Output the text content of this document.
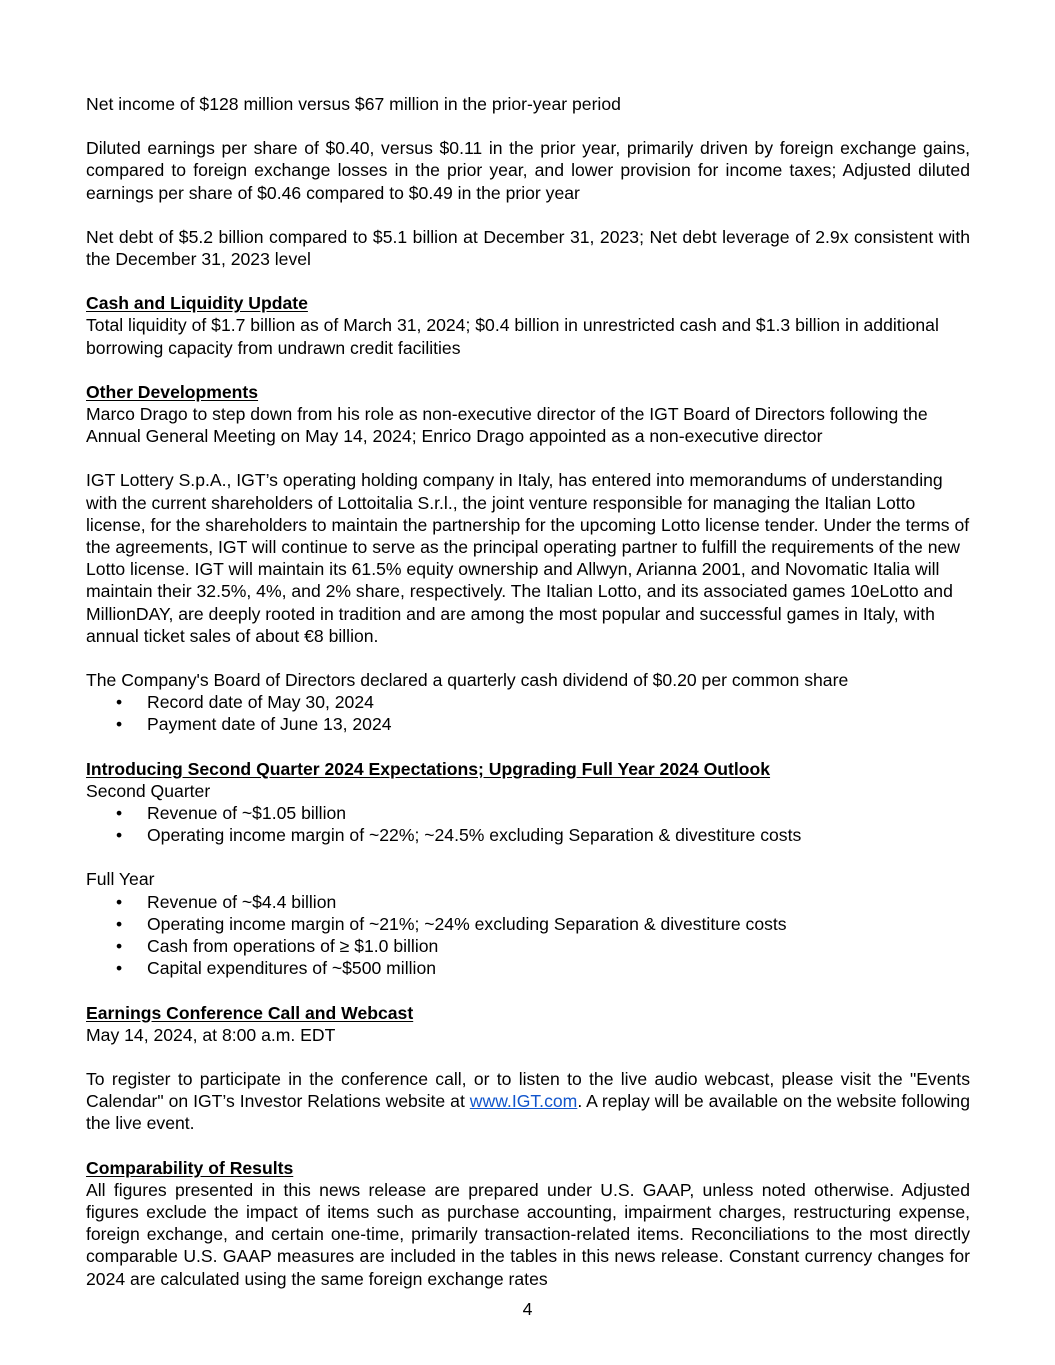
Net income of $128 million versus $67 million in the prior-year period

Diluted earnings per share of $0.40, versus $0.11 in the prior year, primarily driven by foreign exchange gains, compared to foreign exchange losses in the prior year, and lower provision for income taxes; Adjusted diluted earnings per share of $0.46 compared to $0.49 in the prior year

Net debt of $5.2 billion compared to $5.1 billion at December 31, 2023; Net debt leverage of 2.9x consistent with the December 31, 2023 level

Cash and Liquidity Update

Total liquidity of $1.7 billion as of March 31, 2024; $0.4 billion in unrestricted cash and $1.3 billion in additional borrowing capacity from undrawn credit facilities

Other Developments

Marco Drago to step down from his role as non-executive director of the IGT Board of Directors following the Annual General Meeting on May 14, 2024; Enrico Drago appointed as a non-executive director

IGT Lottery S.p.A., IGT’s operating holding company in Italy, has entered into memorandums of understanding with the current shareholders of Lottoitalia S.r.l., the joint venture responsible for managing the Italian Lotto license, for the shareholders to maintain the partnership for the upcoming Lotto license tender. Under the terms of the agreements, IGT will continue to serve as the principal operating partner to fulfill the requirements of the new Lotto license. IGT will maintain its 61.5% equity ownership and Allwyn, Arianna 2001, and Novomatic Italia will maintain their 32.5%, 4%, and 2% share, respectively. The Italian Lotto, and its associated games 10eLotto and MillionDAY, are deeply rooted in tradition and are among the most popular and successful games in Italy, with annual ticket sales of about €8 billion.

The Company's Board of Directors declared a quarterly cash dividend of $0.20 per common share

• Record date of May 30, 2024
• Payment date of June 13, 2024

Introducing Second Quarter 2024 Expectations; Upgrading Full Year 2024 Outlook

Second Quarter

• Revenue of ~$1.05 billion
• Operating income margin of ~22%; ~24.5% excluding Separation & divestiture costs

Full Year

• Revenue of ~$4.4 billion
• Operating income margin of ~21%; ~24% excluding Separation & divestiture costs
• Cash from operations of ≥ $1.0 billion
• Capital expenditures of ~$500 million

Earnings Conference Call and Webcast

May 14, 2024, at 8:00 a.m. EDT

To register to participate in the conference call, or to listen to the live audio webcast, please visit the "Events Calendar" on IGT’s Investor Relations website at www.IGT.com. A replay will be available on the website following the live event.

Comparability of Results

All figures presented in this news release are prepared under U.S. GAAP, unless noted otherwise. Adjusted figures exclude the impact of items such as purchase accounting, impairment charges, restructuring expense, foreign exchange, and certain one-time, primarily transaction-related items. Reconciliations to the most directly comparable U.S. GAAP measures are included in the tables in this news release. Constant currency changes for 2024 are calculated using the same foreign exchange rates

4
